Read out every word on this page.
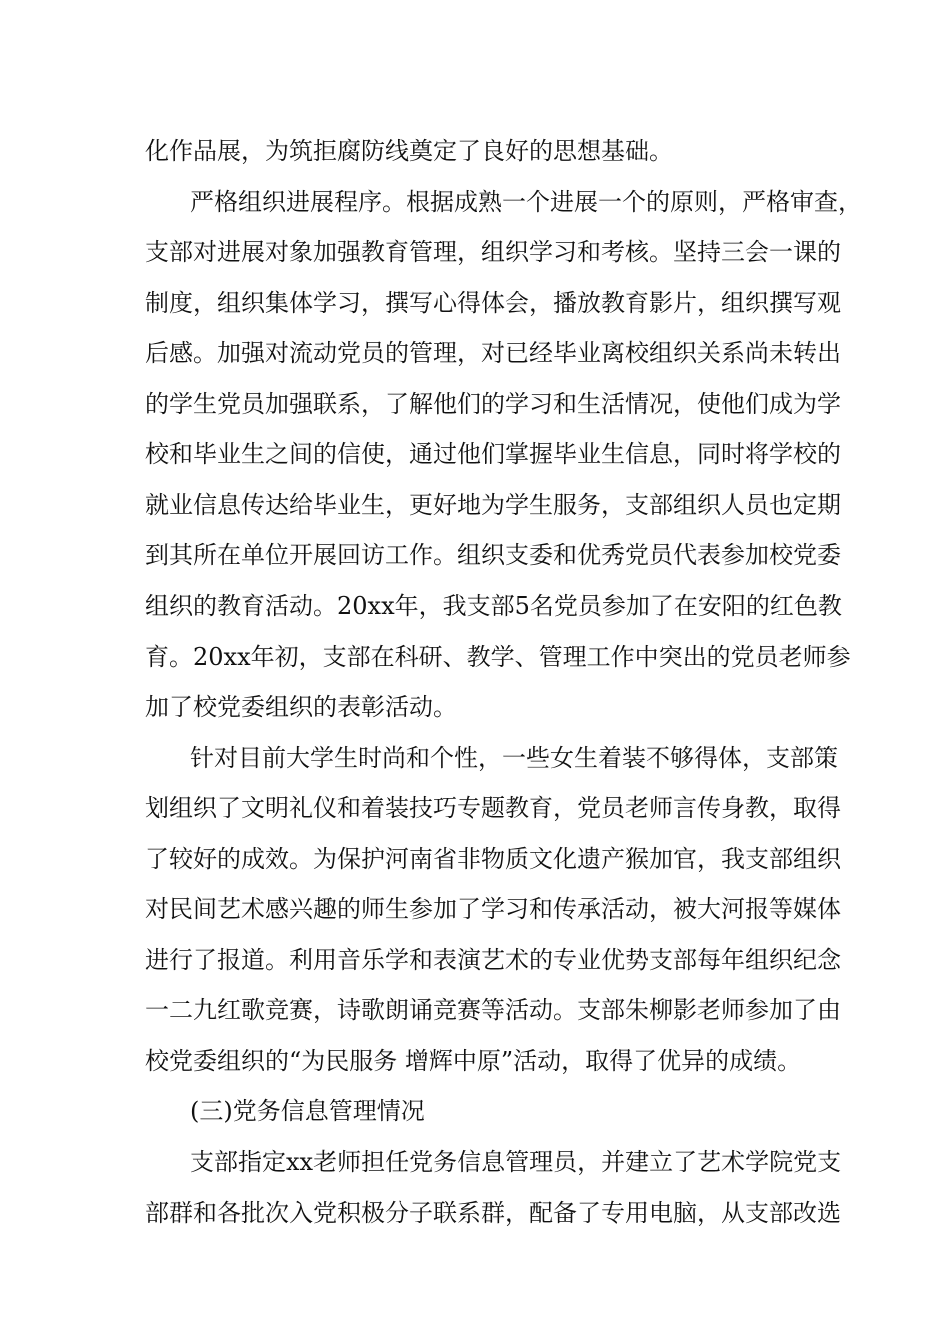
化作品展，为筑拒腐防线奠定了良好的思想基础。
严格组织进展程序。根据成熟一个进展一个的原则，严格审查，
支部对进展对象加强教育管理，组织学习和考核。坚持三会一课的
制度，组织集体学习，撰写心得体会，播放教育影片，组织撰写观
后感。加强对流动党员的管理，对已经毕业离校组织关系尚未转出
的学生党员加强联系，了解他们的学习和生活情况，使他们成为学
校和毕业生之间的信使，通过他们掌握毕业生信息，同时将学校的
就业信息传达给毕业生，更好地为学生服务，支部组织人员也定期
到其所在单位开展回访工作。组织支委和优秀党员代表参加校党委
组织的教育活动。20xx年，我支部5名党员参加了在安阳的红色教
育。20xx年初，支部在科研、教学、管理工作中突出的党员老师参
加了校党委组织的表彰活动。
针对目前大学生时尚和个性，一些女生着装不够得体，支部策
划组织了文明礼仪和着装技巧专题教育，党员老师言传身教，取得
了较好的成效。为保护河南省非物质文化遗产猴加官，我支部组织
对民间艺术感兴趣的师生参加了学习和传承活动，被大河报等媒体
进行了报道。利用音乐学和表演艺术的专业优势支部每年组织纪念
一二九红歌竞赛，诗歌朗诵竞赛等活动。支部朱柳影老师参加了由
校党委组织的“为民服务 增辉中原”活动，取得了优异的成绩。
(三)党务信息管理情况
支部指定xx老师担任党务信息管理员，并建立了艺术学院党支
部群和各批次入党积极分子联系群，配备了专用电脑，从支部改选
